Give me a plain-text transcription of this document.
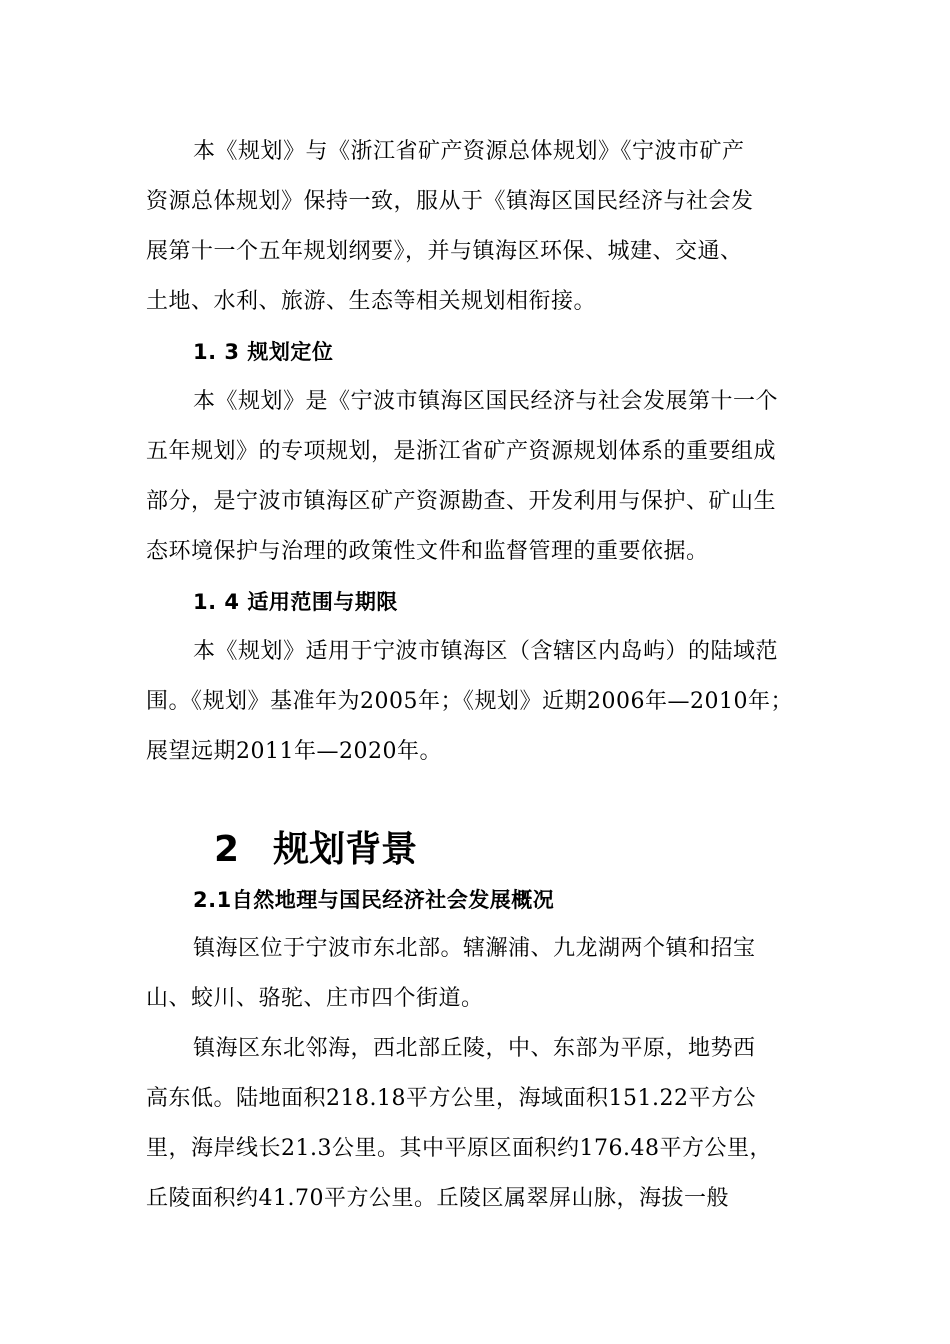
本《规划》与《浙江省矿产资源总体规划》《宁波市矿产
资源总体规划》保持一致，服从于《镇海区国民经济与社会发
展第十一个五年规划纲要》，并与镇海区环保、城建、交通、
土地、水利、旅游、生态等相关规划相衔接。
1. 3 规划定位
本《规划》是《宁波市镇海区国民经济与社会发展第十一个
五年规划》的专项规划，是浙江省矿产资源规划体系的重要组成
部分，是宁波市镇海区矿产资源勘查、开发利用与保护、矿山生
态环境保护与治理的政策性文件和监督管理的重要依据。
1. 4 适用范围与期限
本《规划》适用于宁波市镇海区（含辖区内岛屿）的陆域范
围。《规划》基准年为2005年；《规划》近期2006年—2010年；
展望远期2011年—2020年。
2 规划背景
2.1自然地理与国民经济社会发展概况
镇海区位于宁波市东北部。辖澥浦、九龙湖两个镇和招宝
山、蛟川、骆驼、庄市四个街道。
镇海区东北邻海，西北部丘陵，中、东部为平原，地势西
高东低。陆地面积218.18平方公里，海域面积151.22平方公
里，海岸线长21.3公里。其中平原区面积约176.48平方公里，
丘陵面积约41.70平方公里。丘陵区属翠屏山脉，海拔一般
